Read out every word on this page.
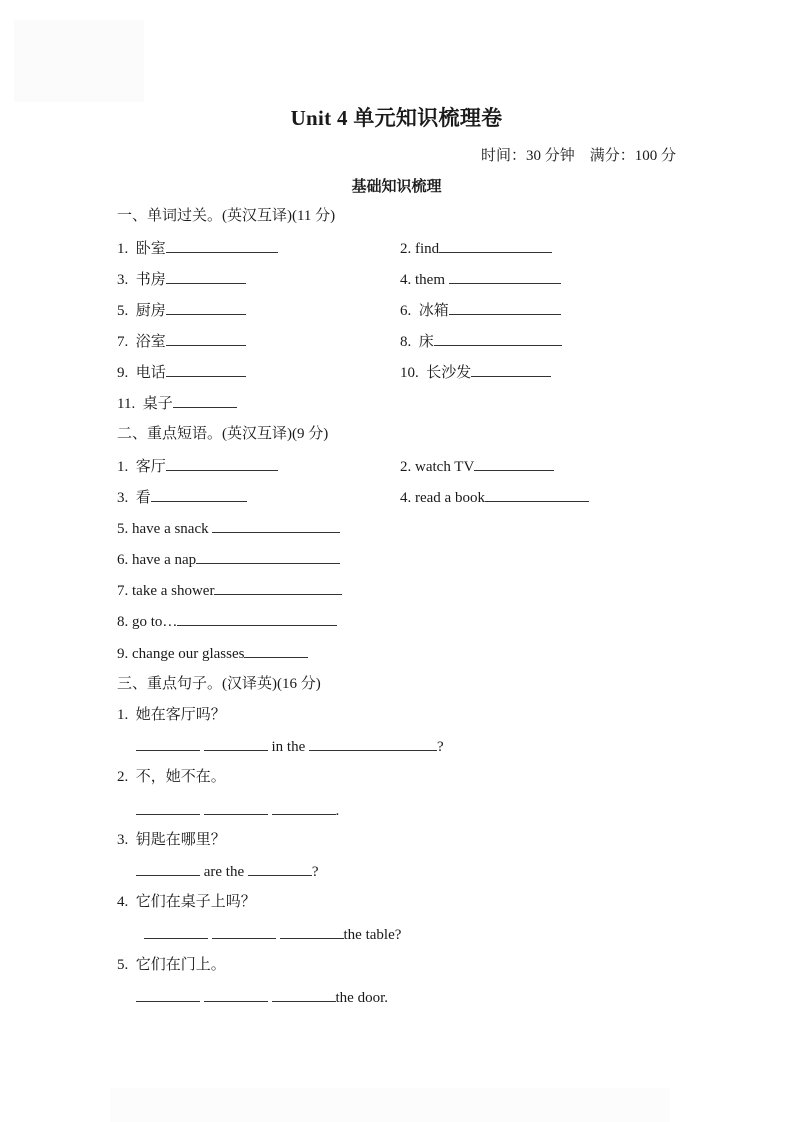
Unit 4 单元知识梳理卷
时间：30 分钟    满分：100 分
基础知识梳理
一、单词过关。(英汉互译)(11 分)
1.  卧室	2. find
3.  书房	4. them
5.  厨房	6.  冰箱
7.  浴室	8.  床
9.  电话	10.  长沙发
11.  桌子
二、重点短语。(英汉互译)(9 分)
1.  客厅	2. watch TV
3.  看	4. read a book
5. have a snack
6. have a nap
7. take a shower
8. go to…
9. change our glasses
三、重点句子。(汉译英)(16 分)
1.  她在客厅吗？
in the	?
2.  不，她不在。
.
3.  钥匙在哪里？
are the	?
4.  它们在桌子上吗？
the table?
5.  它们在门上。
the door.
